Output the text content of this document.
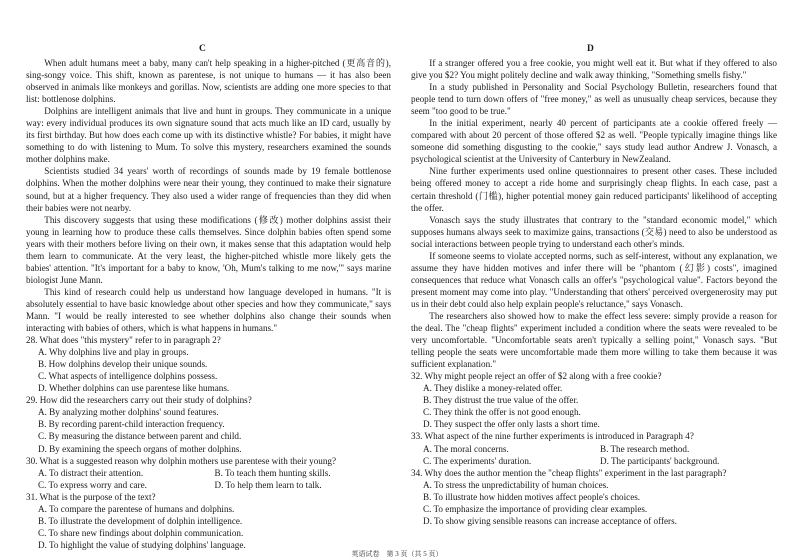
C	D

When adult humans meet a baby, many can't help speaking in a higher-pitched (更高音的), sing-songy voice. This shift, known as parentese, is not unique to humans — it has also been observed in animals like monkeys and gorillas. Now, scientists are adding one more species to that list: bottlenose dolphins.

Dolphins are intelligent animals that live and hunt in groups. They communicate in a unique way: every individual produces its own signature sound that acts much like an ID card, usually by its first birthday. But how does each come up with its distinctive whistle? For babies, it might have something to do with listening to Mum. To solve this mystery, researchers examined the sounds mother dolphins make.

Scientists studied 34 years' worth of recordings of sounds made by 19 female bottlenose dolphins. When the mother dolphins were near their young, they continued to make their signature sound, but at a higher frequency. They also used a wider range of frequencies than they did when their babies were not nearby.

This discovery suggests that using these modifications (修改) mother dolphins assist their young in learning how to produce these calls themselves. Since dolphin babies often spend some years with their mothers before living on their own, it makes sense that this adaptation would help them learn to communicate. At the very least, the higher-pitched whistle more likely gets the babies' attention. "It's important for a baby to know, 'Oh, Mum's talking to me now,'" says marine biologist June Mann.

This kind of research could help us understand how language developed in humans. "It is absolutely essential to have basic knowledge about other species and how they communicate," says Mann. "I would be really interested to see whether dolphins also change their sounds when interacting with babies of others, which is what happens in humans."

28. What does "this mystery" refer to in paragraph 2?

A. Why dolphins live and play in groups.

B. How dolphins develop their unique sounds.

C. What aspects of intelligence dolphins possess.

D. Whether dolphins can use parentese like humans.

29. How did the researchers carry out their study of dolphins?

A. By analyzing mother dolphins' sound features.

B. By recording parent-child interaction frequency.

C. By measuring the distance between parent and child.

D. By examining the speech organs of mother dolphins.

30. What is a suggested reason why dolphin mothers use parentese with their young?

A. To distract their attention.	B. To teach them hunting skills.
C. To express worry and care.	D. To help them learn to talk.

31. What is the purpose of the text?

A. To compare the parentese of humans and dolphins.

B. To illustrate the development of dolphin intelligence.

C. To share new findings about dolphin communication.

D. To highlight the value of studying dolphins' language.

If a stranger offered you a free cookie, you might well eat it. But what if they offered to also give you $2? You might politely decline and walk away thinking, "Something smells fishy."

In a study published in Personality and Social Psychology Bulletin, researchers found that people tend to turn down offers of "free money," as well as unusually cheap services, because they seem "too good to be true."

In the initial experiment, nearly 40 percent of participants ate a cookie offered freely — compared with about 20 percent of those offered $2 as well. "People typically imagine things like someone did something disgusting to the cookie," says study lead author Andrew J. Vonasch, a psychological scientist at the University of Canterbury in NewZealand.

Nine further experiments used online questionnaires to present other cases. These included being offered money to accept a ride home and surprisingly cheap flights. In each case, past a certain threshold (门槛), higher potential money gain reduced participants' likelihood of accepting the offer.

Vonasch says the study illustrates that contrary to the "standard economic model," which supposes humans always seek to maximize gains, transactions (交易) need to also be understood as social interactions between people trying to understand each other's minds.

If someone seems to violate accepted norms, such as self-interest, without any explanation, we assume they have hidden motives and infer there will be "phantom (幻影) costs", imagined consequences that reduce what Vonasch calls an offer's "psychological value". Factors beyond the present moment may come into play. "Understanding that others' perceived overgenerosity may put us in their debt could also help explain people's reluctance," says Vonasch.

The researchers also showed how to make the effect less severe: simply provide a reason for the deal. The "cheap flights" experiment included a condition where the seats were revealed to be very uncomfortable. "Uncomfortable seats aren't typically a selling point," Vonasch says. "But telling people the seats were uncomfortable made them more willing to take them because it was sufficient explanation."

32. Why might people reject an offer of $2 along with a free cookie?

A. They dislike a money-related offer.

B. They distrust the true value of the offer.

C. They think the offer is not good enough.

D. They suspect the offer only lasts a short time.

33. What aspect of the nine further experiments is introduced in Paragraph 4?

A. The moral concerns.	B. The research method.
C. The experiments' duration.	D. The participants' background.

34. Why does the author mention the "cheap flights" experiment in the last paragraph?

A. To stress the unpredictability of human choices.

B. To illustrate how hidden motives affect people's choices.

C. To emphasize the importance of providing clear examples.

D. To show giving sensible reasons can increase acceptance of offers.

英语试卷　第 3 页（共 5 页）
